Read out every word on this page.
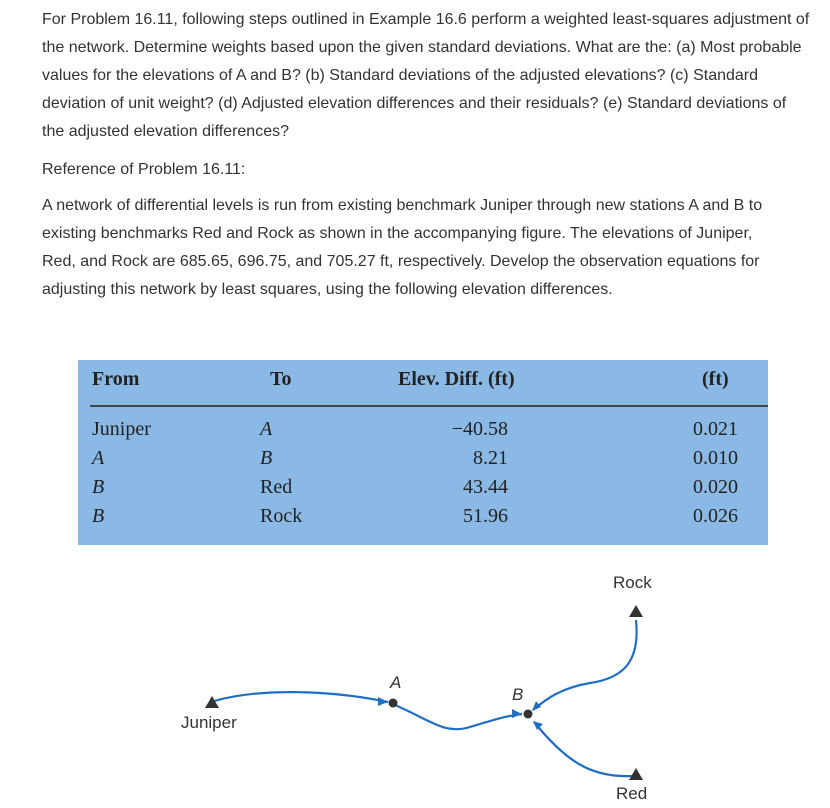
For Problem 16.11, following steps outlined in Example 16.6 perform a weighted least-squares adjustment of the network. Determine weights based upon the given standard deviations. What are the: (a) Most probable values for the elevations of A and B? (b) Standard deviations of the adjusted elevations? (c) Standard deviation of unit weight? (d) Adjusted elevation differences and their residuals? (e) Standard deviations of the adjusted elevation differences?

Reference of Problem 16.11:

A network of differential levels is run from existing benchmark Juniper through new stations A and B to existing benchmarks Red and Rock as shown in the accompanying figure. The elevations of Juniper, Red, and Rock are 685.65, 696.75, and 705.27 ft, respectively. Develop the observation equations for adjusting this network by least squares, using the following elevation differences.

From	To	Elev. Diff. (ft)	(ft)
Juniper	A	−40.58	0.021
A	B	8.21	0.010
B	Red	43.44	0.020
B	Rock	51.96	0.026
Rock
Red
Juniper
A
B
